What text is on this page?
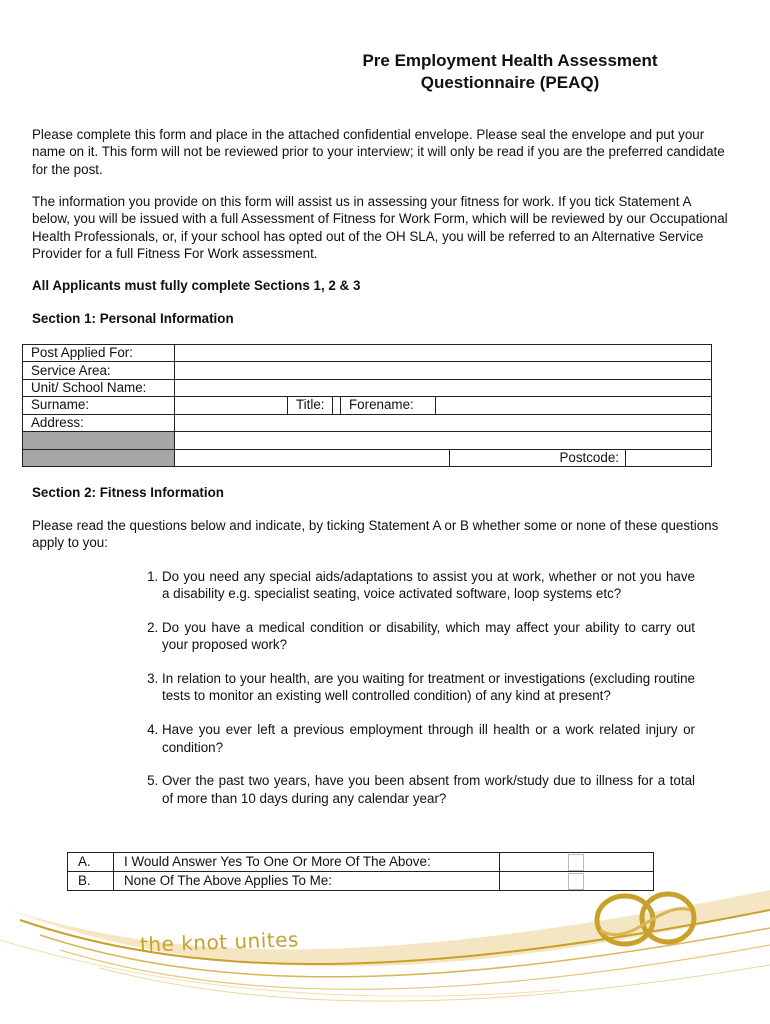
Pre Employment Health Assessment
Questionnaire (PEAQ)

Please complete this form and place in the attached confidential envelope. Please seal the envelope and put your name on it. This form will not be reviewed prior to your interview; it will only be read if you are the preferred candidate for the post.

The information you provide on this form will assist us in assessing your fitness for work. If you tick Statement A below, you will be issued with a full Assessment of Fitness for Work Form, which will be reviewed by our Occupational Health Professionals, or, if your school has opted out of the OH SLA, you will be referred to an Alternative Service Provider for a full Fitness For Work assessment.

All Applicants must fully complete Sections 1, 2 & 3

Section 1: Personal Information

Post Applied For:							
Service Area:							
Unit/ School Name:							
Surname:		Title:		Forename:			
Address:							

						Postcode:	

Section 2: Fitness Information

Please read the questions below and indicate, by ticking Statement A or B whether some or none of these questions apply to you:

1. Do you need any special aids/adaptations to assist you at work, whether or not you have a disability e.g. specialist seating, voice activated software, loop systems etc?
2. Do you have a medical condition or disability, which may affect your ability to carry out your proposed work?
3. In relation to your health, are you waiting for treatment or investigations (excluding routine tests to monitor an existing well controlled condition) of any kind at present?
4. Have you ever left a previous employment through ill health or a work related injury or condition?
5. Over the past two years, have you been absent from work/study due to illness for a total of more than 10 days during any calendar year?
A.	I Would Answer Yes To One Or More Of The Above:	
B.	None Of The Above Applies To Me:	
the knot unites
